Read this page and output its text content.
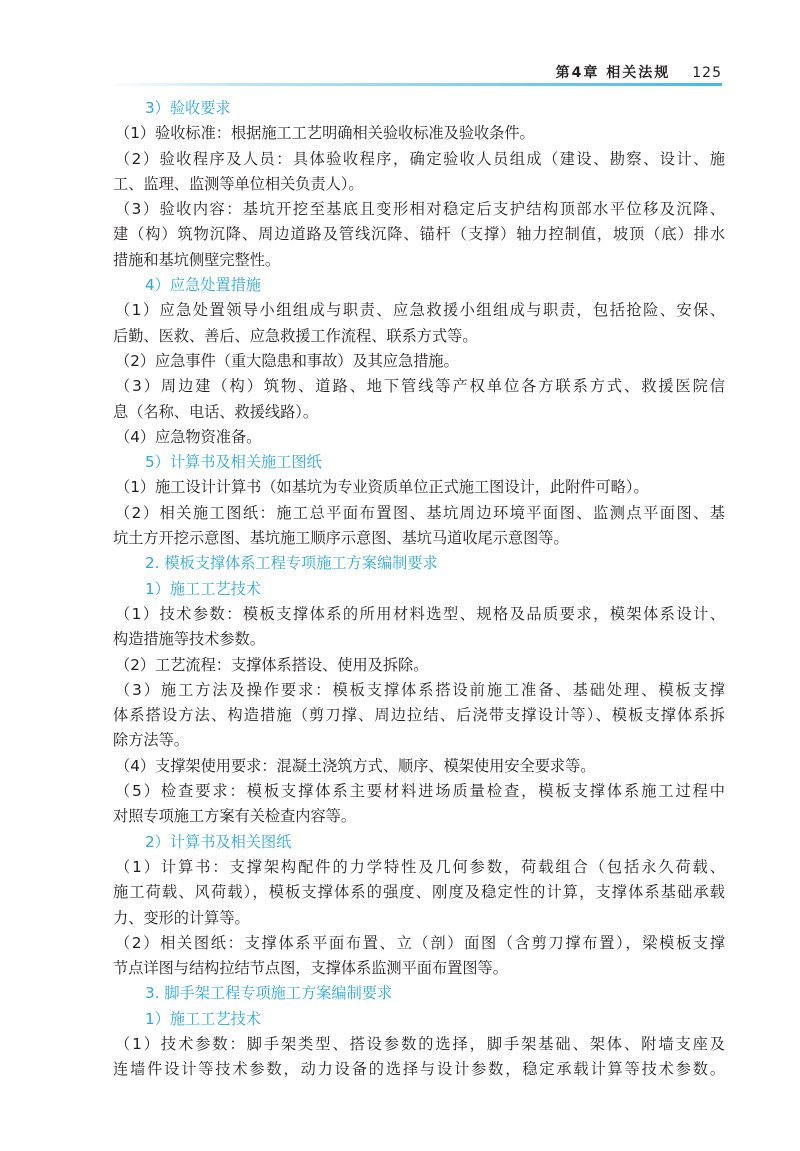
第4章 相关法规 125
3）验收要求
（1）验收标准：根据施工工艺明确相关验收标准及验收条件。
（2）验收程序及人员：具体验收程序，确定验收人员组成（建设、勘察、设计、施
工、监理、监测等单位相关负责人）。
（3）验收内容：基坑开挖至基底且变形相对稳定后支护结构顶部水平位移及沉降、
建（构）筑物沉降、周边道路及管线沉降、锚杆（支撑）轴力控制值，坡顶（底）排水
措施和基坑侧壁完整性。
4）应急处置措施
（1）应急处置领导小组组成与职责、应急救援小组组成与职责，包括抢险、安保、
后勤、医救、善后、应急救援工作流程、联系方式等。
（2）应急事件（重大隐患和事故）及其应急措施。
（3）周边建（构）筑物、道路、地下管线等产权单位各方联系方式、救援医院信
息（名称、电话、救援线路）。
（4）应急物资准备。
5）计算书及相关施工图纸
（1）施工设计计算书（如基坑为专业资质单位正式施工图设计，此附件可略）。
（2）相关施工图纸：施工总平面布置图、基坑周边环境平面图、监测点平面图、基
坑土方开挖示意图、基坑施工顺序示意图、基坑马道收尾示意图等。
2. 模板支撑体系工程专项施工方案编制要求
1）施工工艺技术
（1）技术参数：模板支撑体系的所用材料选型、规格及品质要求，模架体系设计、
构造措施等技术参数。
（2）工艺流程：支撑体系搭设、使用及拆除。
（3）施工方法及操作要求：模板支撑体系搭设前施工准备、基础处理、模板支撑
体系搭设方法、构造措施（剪刀撑、周边拉结、后浇带支撑设计等）、模板支撑体系拆
除方法等。
（4）支撑架使用要求：混凝土浇筑方式、顺序、模架使用安全要求等。
（5）检查要求：模板支撑体系主要材料进场质量检查，模板支撑体系施工过程中
对照专项施工方案有关检查内容等。
2）计算书及相关图纸
（1）计算书：支撑架构配件的力学特性及几何参数，荷载组合（包括永久荷载、
施工荷载、风荷载），模板支撑体系的强度、刚度及稳定性的计算，支撑体系基础承载
力、变形的计算等。
（2）相关图纸：支撑体系平面布置、立（剖）面图（含剪刀撑布置），梁模板支撑
节点详图与结构拉结节点图，支撑体系监测平面布置图等。
3. 脚手架工程专项施工方案编制要求
1）施工工艺技术
（1）技术参数：脚手架类型、搭设参数的选择，脚手架基础、架体、附墙支座及
连墙件设计等技术参数，动力设备的选择与设计参数，稳定承载计算等技术参数。
